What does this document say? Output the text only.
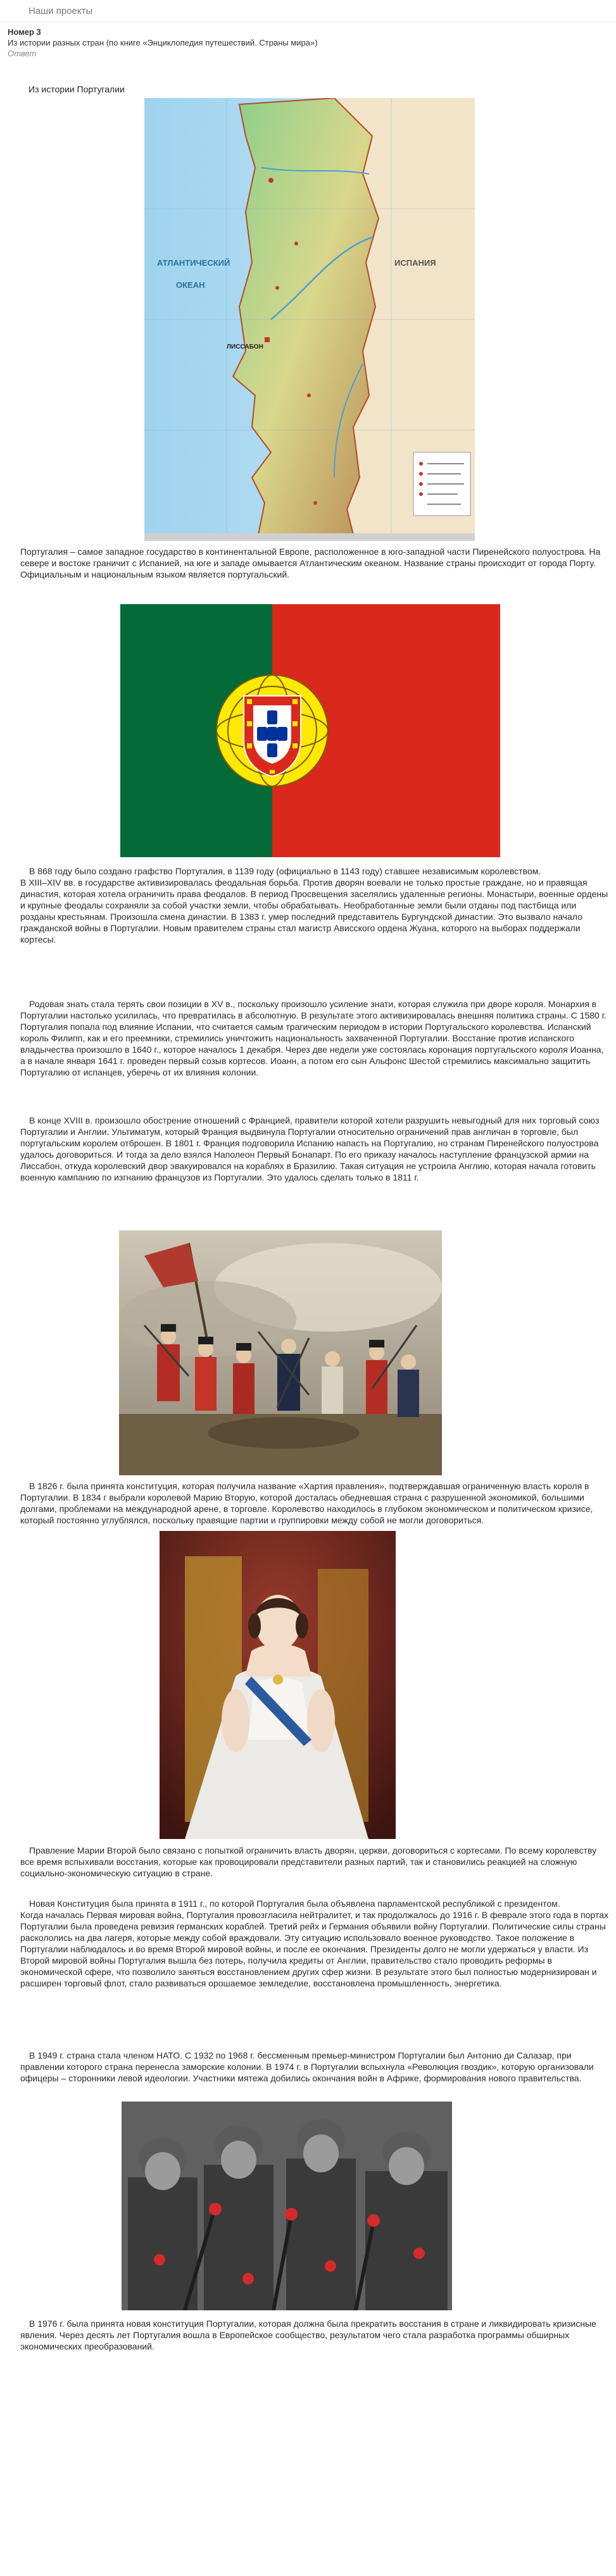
Наши проекты
Номер 3
Из истории разных стран (по книге «Энциклопедия путешествий. Страны мира»)
Ответ
Из истории Португалии
АТЛАНТИЧЕСКИЙ
ОКЕАН
ИСПАНИЯ
ЛИССАБОН

Португалия – самое западное государство в континентальной Европе, расположенное в юго-западной части Пиренейского полуострова. На севере и востоке граничит с Испанией, на юге и западе омывается Атлантическим океаном. Название страны происходит от города Порту. Официальным и национальным языком является португальский.

В 868 году было создано графство Португалия, в 1139 году (официально в 1143 году) ставшее независимым королевством.
В XIII–XIV вв. в государстве активизировалась феодальная борьба. Против дворян воевали не только простые граждане, но и правящая династия, которая хотела ограничить права феодалов. В период Просвещения заселялись удаленные регионы. Монастыри, военные ордены и крупные феодалы сохраняли за собой участки земли, чтобы обрабатывать. Необработанные земли были отданы под пастбища или розданы крестьянам. Произошла смена династии. В 1383 г. умер последний представитель Бургундской династии. Это вызвало начало гражданской войны в Португалии. Новым правителем страны стал магистр Ависского ордена Жуана, которого на выборах поддержали кортесы.

Родовая знать стала терять свои позиции в XV в., поскольку произошло усиление знати, которая служила при дворе короля. Монархия в Португалии настолько усилилась, что превратилась в абсолютную. В результате этого активизировалась внешняя политика страны. С 1580 г. Португалия попала под влияние Испании, что считается самым трагическим периодом в истории Португальского королевства. Испанский король Филипп, как и его преемники, стремились уничтожить национальность захваченной Португалии. Восстание против испанского владычества произошло в 1640 г., которое началось 1 декабря. Через две недели уже состоялась коронация португальского короля Иоанна, а в начале января 1641 г. проведен первый созыв кортесов. Иоанн, а потом его сын Альфонс Шестой стремились максимально защитить Португалию от испанцев, уберечь от их влияния колонии.

В конце XVIII в. произошло обострение отношений с Францией, правители которой хотели разрушить невыгодный для них торговый союз Португалии и Англии. Ультиматум, который Франция выдвинула Португалии относительно ограничений прав англичан в торговле, был португальским королем отброшен. В 1801 г. Франция подговорила Испанию напасть на Португалию, но странам Пиренейского полуострова удалось договориться. И тогда за дело взялся Наполеон Первый Бонапарт. По его приказу началось наступление французской армии на Лиссабон, откуда королевский двор эвакуировался на кораблях в Бразилию. Такая ситуация не устроила Англию, которая начала готовить военную кампанию по изгнанию французов из Португалии. Это удалось сделать только в 1811 г.

В 1826 г. была принята конституция, которая получила название «Хартия правления», подтверждавшая ограниченную власть короля в Португалии. В 1834 г выбрали королевой Марию Вторую, которой досталась обедневшая страна с разрушенной экономикой, большими долгами, проблемами на международной арене, в торговле. Королевство находилось в глубоком экономическом и политическом кризисе, который постоянно углублялся, поскольку правящие партии и группировки между собой не могли договориться.

Правление Марии Второй было связано с попыткой ограничить власть дворян, церкви, договориться с кортесами. По всему королевству все время вспыхивали восстания, которые как провоцировали представители разных партий, так и становились реакцией на сложную социально-экономическую ситуацию в стране.

Новая Конституция была принята в 1911 г., по которой Португалия была объявлена парламентской республикой с президентом.
Когда началась Первая мировая война, Португалия провозгласила нейтралитет, и так продолжалось до 1916 г. В феврале этого года в портах Португалии была проведена ревизия германских кораблей. Третий рейх и Германия объявили войну Португалии. Политические силы страны раскололись на два лагеря, которые между собой враждовали. Эту ситуацию использовало военное руководство. Такое положение в Португалии наблюдалось и во время Второй мировой войны, и после ее окончания. Президенты долго не могли удержаться у власти. Из Второй мировой войны Португалия вышла без потерь, получила кредиты от Англии, правительство стало проводить реформы в экономической сфере, что позволило заняться восстановлением других сфер жизни. В результате этого был полностью модернизирован и расширен торговый флот, стало развиваться орошаемое земледелие, восстановлена промышленность, энергетика.

В 1949 г. страна стала членом НАТО. С 1932 по 1968 г. бессменным премьер-министром Португалии был Антонио ди Салазар, при правлении которого страна перенесла заморские колонии. В 1974 г. в Португалии вспыхнула «Революция гвоздик», которую организовали офицеры – сторонники левой идеологии. Участники мятежа добились окончания войн в Африке, формирования нового правительства.

В 1976 г. была принята новая конституция Португалии, которая должна была прекратить восстания в стране и ликвидировать кризисные явления. Через десять лет Португалия вошла в Европейское сообщество, результатом чего стала разработка программы обширных экономических преобразований.
